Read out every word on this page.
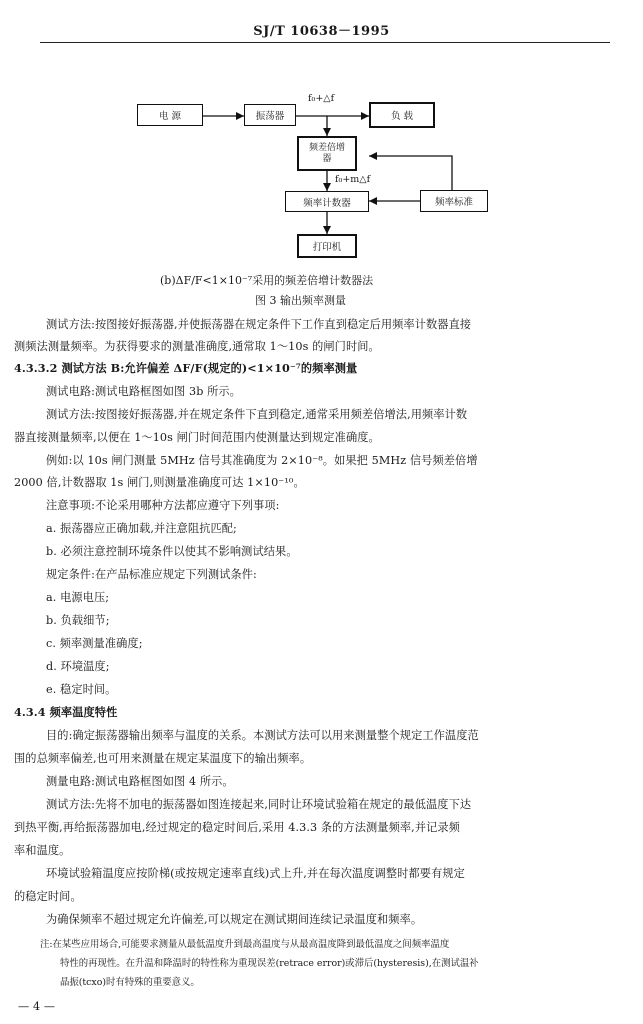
SJ/T 10638－1995
电 源	振荡器	负 载
频差倍增 器
频率计数器	频率标准
打印机
f₀+△f
f₀+m△f
(b)ΔF/F<1×10⁻⁷采用的频差倍增计数器法
图 3 输出频率测量
测试方法:按图接好振荡器,并使振荡器在规定条件下工作直到稳定后用频率计数器直接
测频法测量频率。为获得要求的测量准确度,通常取 1～10s 的闸门时间。
4.3.3.2 测试方法 B:允许偏差 ΔF/F(规定的)<1×10⁻⁷的频率测量
测试电路:测试电路框图如图 3b 所示。
测试方法:按图接好振荡器,并在规定条件下直到稳定,通常采用频差倍增法,用频率计数
器直接测量频率,以便在 1～10s 闸门时间范围内使测量达到规定准确度。
例如:以 10s 闸门测量 5MHz 信号其准确度为 2×10⁻⁸。如果把 5MHz 信号频差倍增
2000 倍,计数器取 1s 闸门,则测量准确度可达 1×10⁻¹⁰。
注意事项:不论采用哪种方法都应遵守下列事项:
a. 振荡器应正确加载,并注意阻抗匹配;
b. 必须注意控制环境条件以使其不影响测试结果。
规定条件:在产品标准应规定下列测试条件:
a. 电源电压;
b. 负载细节;
c. 频率测量准确度;
d. 环境温度;
e. 稳定时间。
4.3.4 频率温度特性
目的:确定振荡器输出频率与温度的关系。本测试方法可以用来测量整个规定工作温度范
围的总频率偏差,也可用来测量在规定某温度下的输出频率。
测量电路:测试电路框图如图 4 所示。
测试方法:先将不加电的振荡器如图连接起来,同时让环境试验箱在规定的最低温度下达
到热平衡,再给振荡器加电,经过规定的稳定时间后,采用 4.3.3 条的方法测量频率,并记录频
率和温度。
环境试验箱温度应按阶梯(或按规定速率直线)式上升,并在每次温度调整时都要有规定
的稳定时间。
为确保频率不超过规定允许偏差,可以规定在测试期间连续记录温度和频率。
注:在某些应用场合,可能要求测量从最低温度升到最高温度与从最高温度降到最低温度之间频率温度
特性的再现性。在升温和降温时的特性称为重现误差(retrace error)或滞后(hysteresis),在测试温补
晶振(tcxo)时有特殊的重要意义。
— 4 —
